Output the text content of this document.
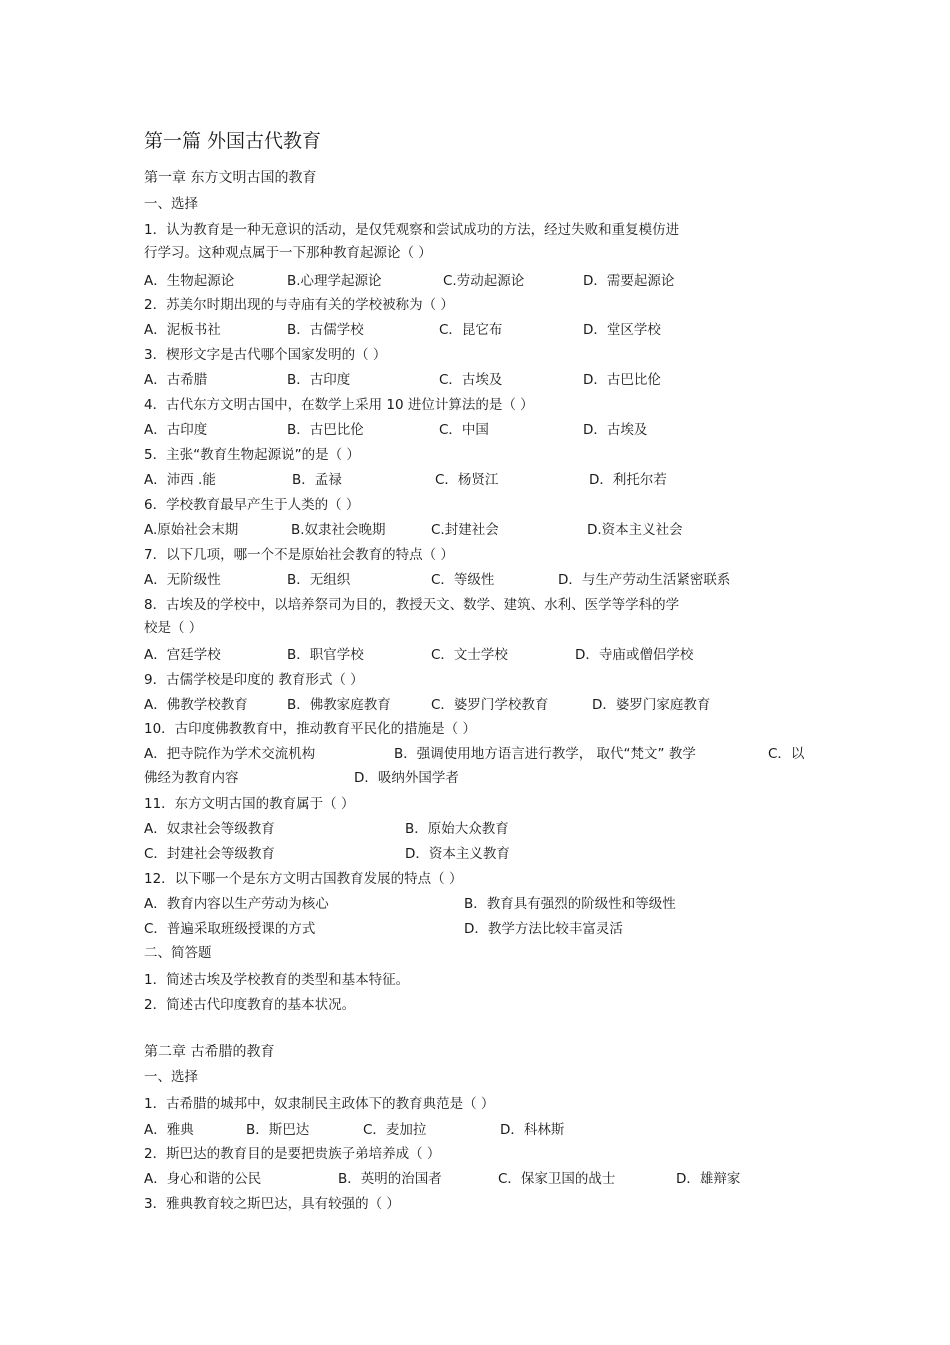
第一篇 外国古代教育
第一章 东方文明古国的教育
一、选择
1．认为教育是一种无意识的活动，是仅凭观察和尝试成功的方法，经过失败和重复模仿进
行学习。这种观点属于一下那种教育起源论（ ）
A．生物起源论	B.心理学起源论	C.劳动起源论	D．需要起源论
2．苏美尔时期出现的与寺庙有关的学校被称为（ ）
A．泥板书社	B．古儒学校	C．昆它布	D．堂区学校
3．楔形文字是古代哪个国家发明的（ ）
A．古希腊	B．古印度	C．古埃及	D．古巴比伦
4．古代东方文明古国中，在数学上采用 10 进位计算法的是（ ）
A．古印度	B．古巴比伦	C．中国	D．古埃及
5．主张“教育生物起源说”的是（ ）
A．沛西 .能	B．孟禄	C．杨贤江	D．利托尔若
6．学校教育最早产生于人类的（ ）
A.原始社会末期	B.奴隶社会晚期	C.封建社会	D.资本主义社会
7．以下几项，哪一个不是原始社会教育的特点（ ）
A．无阶级性	B．无组织	C．等级性	D．与生产劳动生活紧密联系
8．古埃及的学校中，以培养祭司为目的，教授天文、数学、建筑、水利、医学等学科的学
校是（ ）
A．宫廷学校	B．职官学校	C．文士学校	D．寺庙或僧侣学校
9．古儒学校是印度的 教育形式（ ）
A．佛教学校教育	B．佛教家庭教育	C．婆罗门学校教育	D．婆罗门家庭教育
10．古印度佛教教育中，推动教育平民化的措施是（ ）
A．把寺院作为学术交流机构	B．强调使用地方语言进行教学， 取代“梵文” 教学	C．以
佛经为教育内容	D．吸纳外国学者
11．东方文明古国的教育属于（ ）
A．奴隶社会等级教育	B．原始大众教育
C．封建社会等级教育	D．资本主义教育
12．以下哪一个是东方文明古国教育发展的特点（ ）
A．教育内容以生产劳动为核心	B．教育具有强烈的阶级性和等级性
C．普遍采取班级授课的方式	D．教学方法比较丰富灵活
二、简答题
1．简述古埃及学校教育的类型和基本特征。
2．简述古代印度教育的基本状况。
第二章 古希腊的教育
一、选择
1．古希腊的城邦中，奴隶制民主政体下的教育典范是（ ）
A．雅典	B．斯巴达	C．麦加拉	D．科林斯
2．斯巴达的教育目的是要把贵族子弟培养成（ ）
A．身心和谐的公民	B．英明的治国者	C．保家卫国的战士	D．雄辩家
3．雅典教育较之斯巴达，具有较强的（ ）
